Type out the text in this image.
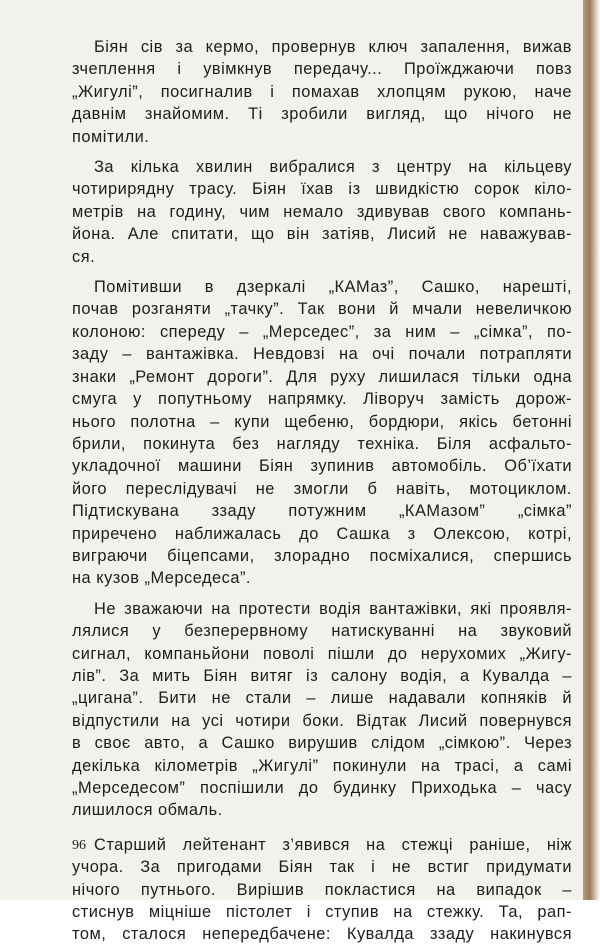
Біян сів за кермо, провернув ключ запалення, вижав
зчеплення і увімкнув передачу... Проїжджаючи повз
„Жигулі”, посигналив і помахав хлопцям рукою, наче
давнім знайомим. Ті зробили вигляд, що нічого не
помітили.
За кілька хвилин вибралися з центру на кільцеву
чотирирядну трасу. Біян їхав із швидкістю сорок кіло-
метрів на годину, чим немало здивував свого компань-
йона. Але спитати, що він затіяв, Лисий не наважував-
ся.
Помітивши в дзеркалі „КАМаз”, Сашко, нарешті,
почав розганяти „тачку”. Так вони й мчали невеличкою
колоною: спереду – „Мерседес”, за ним – „сімка”, по-
заду – вантажівка. Невдовзі на очі почали потрапляти
знаки „Ремонт дороги”. Для руху лишилася тільки одна
смуга у попутньому напрямку. Ліворуч замість дорож-
нього полотна – купи щебеню, бордюри, якісь бетонні
брили, покинута без нагляду техніка. Біля асфальто-
укладочної машини Біян зупинив автомобіль. Об’їхати
його переслідувачі не змогли б навіть, мотоциклом.
Підтискувана ззаду потужним „КАМазом” „сімка”
приречено наближалась до Сашка з Олексою, котрі,
виграючи біцепсами, злорадно посміхалися, спершись
на кузов „Мерседеса”.
Не зважаючи на протести водія вантажівки, які проявля-
лялися у безперервному натискуванні на звуковий
сигнал, компаньйони поволі пішли до нерухомих „Жигу-
лів”. За мить Біян витяг із салону водія, а Кувалда –
„цигана”. Бити не стали – лише надавали копняків й
відпустили на усі чотири боки. Відтак Лисий повернувся
в своє авто, а Сашко вирушив слідом „сімкою”. Через
декілька кілометрів „Жигулі” покинули на трасі, а самі
„Мерседесом” поспішили до будинку Приходька – часу
лишилося обмаль.
Старший лейтенант з’явився на стежці раніше, ніж
учора. За пригодами Біян так і не встиг придумати
нічого путнього. Вирішив покластися на випадок –
стиснув міцніше пістолет і ступив на стежку. Та, рап-
том, сталося непередбачене: Кувалда ззаду накинувся
96
